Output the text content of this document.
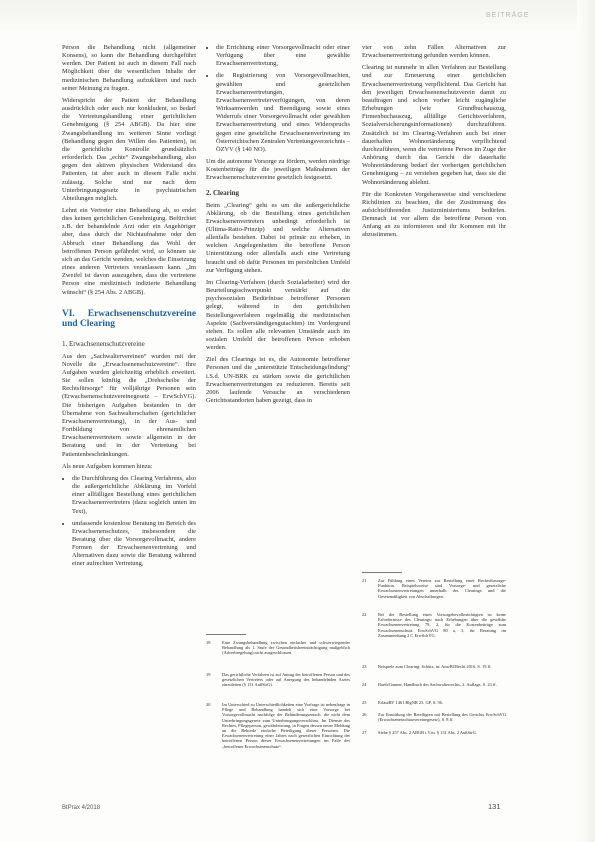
BEITRÄGE

Person die Behandlung nicht (allgemeiner Konsens), so kann die Behandlung durchgeführt werden. Der Patient ist auch in diesem Fall nach Möglichkeit über die wesentlichen Inhalte der medizinischen Behandlung aufzuklären und nach seiner Meinung zu fragen.

Widerspricht der Patient der Behandlung ausdrücklich oder auch nur konkludent, so bedarf die Vertretungshandlung einer gerichtlichen Genehmigung (§ 254 ABGB). Da hier eine Zwangsbehandlung im weiteren Sinne vorliegt (Behandlung gegen den Willen des Patienten), ist die gerichtliche Kontrolle grundsätzlich erforderlich. Das „echte“ Zwangsbehandlung, also gegen den aktiven physischen Widerstand des Patienten, ist aber auch in diesem Falle nicht zulässig. Solche sind nur nach dem Unterbringungsgesetz in psychiatrischen Abteilungen möglich.

Lehnt ein Vertreter eine Behandlung ab, so endet dies keinen gerichtlichen Genehmigung. Befürchtet z.B. der behandelnde Arzt oder ein Angehöriger aber, dass durch die Nichtaufnahme oder den Abbruch einer Behandlung das Wohl der betroffenen Person gefährdet wird, so können sie sich an das Gericht wenden, welches die Einsetzung eines anderen Vertreters veranlassen kann. „Im Zweifel ist davon auszugehen, dass die vertretene Person eine medizinisch indizierte Behandlung wünscht“ (§ 254 Abs. 2 ABGB).

VI. Erwachsenenschutzvereine und Clearing
1. Erwachsenenschutzvereine

Aus den „Sachwaltervereinen“ wurden mit der Novelle die „Erwachsenenschutzvereine“. Ihre Aufgaben wurden gleichzeitig erheblich erweitert. Sie sollen künftig die „Drehscheibe der Rechtsfürsorge“ für volljährige Personen sein (Erwachsenenschutzvereinegesetz – ErwSchVG). Die bisherigen Aufgaben bestanden in der Übernahme von Sachwalterschaften (gerichtlicher Erwachsenenvertretung), in der Aus- und Fortbildung von ehrenamtlichen Erwachsenenvertretern sowie allgemein in der Beratung und in der Vertretung bei Patientenbeschränkungen.

Als neue Aufgaben kommen hinzu:

• die Durchführung des Clearing Verfahrens, also die außergerichtliche Abklärung im Vorfeld einer allfälligen Bestellung eines gerichtlichen Erwachsenenvertreters (dazu sogleich unten im Text),
• umfassende kostenlose Beratung im Bereich des Erwachsenenschutzes, insbesondere die Beratung über die Vorsorgevollmacht, andere Formen der Erwachsenenvertretung und Alternativen dazu sowie die Beratung während einer aufrechten Vertretung,
• die Errichtung einer Vorsorgevollmacht oder einer Verfügung über eine gewählte Erwachsenenvertretung,
• die Registrierung von Vorsorgevollmachten, gewählten und gesetzlichen Erwachsenenvertretungen, Erwachsenenvertreterverfügungen, von deren Wirksamwerden und Beendigung sowie eines Widerrufs einer Vorsorgevollmacht oder gewählten Erwachsenenvertretung und eines Widerspruchs gegen eine gesetzliche Erwachsenenvertretung im Österreichischen Zentralen Vertretungsverzeichnis – ÖZVV (§ 140 NO).

Um die autonome Vorsorge zu fördern, werden niedrige Kostenbeiträge für die jeweiligen Maßnahmen der Erwachsenenschutzvereine gesetzlich festgesetzt.

2. Clearing

Beim „Clearing“ geht es um die außergerichtliche Abklärung, ob die Bestellung eines gerichtlichen Erwachsenenvertreters unbedingt erforderlich ist (Ultima-Ratio-Prinzip) und welche Alternativen allenfalls bestehen. Dabei ist primär zu erheben, in welchen Angelegenheiten die betroffene Person Unterstützung oder allenfalls auch eine Vertretung braucht und ob dafür Personen im persönlichen Umfeld zur Verfügung stehen.

Im Clearing-Verfahren (durch Sozialarbeiter) wird der Beurteilungsschwerpunkt verstärkt auf die psychosozialen Bedürfnisse betroffener Personen gelegt, während in den gerichtlichen Bestellungsverfahren regelmäßig die medizinischen Aspekte (Sachverständigengutachten) im Vordergrund stehen. Es sollen alle relevanten Umstände auch im sozialen Umfeld der betroffenen Person erhoben werden.

Ziel des Clearings ist es, die Autonomie betroffener Personen und die „unterstützte Entscheidungsfindung“ i.S.d. UN-BRK zu stärken sowie die gerichtlichen Erwachsenenvertretungen zu reduzieren. Bereits seit 2006 laufende Versuche an verschiedenen Gerichtsstandorten haben gezeigt, dass in

vier von zehn Fällen Alternativen zur Erwachsenenvertretung gefunden werden können.

Clearing ist nunmehr in allen Verfahren zur Bestellung und zur Erneuerung einer gerichtlichen Erwachsenenvertretung verpflichtend. Das Gericht hat den jeweiligen Erwachsenenschutzverein damit zu beauftragen und schon vorher leicht zugängliche Erhebungen (wie Grundbuchauszug, Firmenbuchauszug, allfällige Gerichtsverfahren, Sozialversicherungsinformationen) durchzuführen. Zusätzlich ist im Clearing-Verfahren auch bei einer dauerhaften Wohnortänderung verpflichtend durchzuführen, wenn die vertretene Person im Zuge der Anhörung durch das Gericht die dauerhafte Wohnortänderung bedarf der vorherigen gerichtlichen Genehmigung – zu verstehen gegeben hat, dass sie die Wohnortänderung ablehnt.

Für die Konkreten Vorgehensweise sind verschiedene Richtlinien zu beachten, die der Zustimmung des aufsichtsführenden Justizministeriums bedürfen. Demnach ist vor allem die betroffene Person von Anfang an zu informieren und ihr Kommen mit ihr abzustimmen.

18	Eine Zwangsbehandlung zwischen einfacher und schwerwiegender Behandlung als 1. Stufe der Gesundheitsbeeinträchtigung maßgeblich (Adverbregelung) nicht ausgeschlossen.
19	Das gerichtliche Verfahren ist auf Antrag der betroffenen Person und des gesetzlichen Vertreters oder auf Anregung des behandelnden Arztes einzuleiten (§ 131 AußStrG).
20	Im Unterschied zu Unterschiedlichkeiten eine Vorfrage ist nebenfrage in Pflege und Behandlung handelt sich eine Vorsorge bei Vorsorgevollmacht nachfolge der Behinderungsentsch. die nicht dem Unterbringungsgesetz zum Unterbringungsverschluss. Im Dienste des Rechtes, Pflegeperson, gewährleistung, in Fragen dessen neuer Meldung an die Behörde einfache Beteiligung dieser Personen. Die Erwachsenenvertretung einer Jahres nach gesetzlichen Einrichtung der betroffenen Person dieser Erwachsenenvertretungen im Falle des „betroffener Erwachsenenschutz“.
21	Zur Fühlung eines Vereins zur Bestellung einer Rechtsfürsorge-Funktion. Beispielsweise sind Vorsorge- und gesetzliche Erwachsenenvertretungen innerhalb des Clearings und die Gesetzmäßigkeit von Abschaffungen.
22	Bei der Bestellung eines Vorsorgebevollmächtigten ist keine Erfordernisse des Clearings; nach Erhebungen über die gewählte Erwachsenenvertretung 79, 2, für die Kostenbeiträge zum Erwachsenenschutz ErwSchVG 80 a, 3, für Beratung im Zusammenhang 2 C ErwSchVG.
23	Beispiele zum Clearing: Schütz, in: AnwBl/Recht 2016, S. 19 ff.
24	Barth/Ganner, Handbuch des Sachwalterrechts, 2. Auflage, S. 23 ff.
25	ErläutRV 1461 BlgNR 25. GP, S. 56.
26	Zur Ermittlung der Beteiligten mit Bestellung des Gerichts ErwSchVG (Erwachsenenschutzvereinegesetz), S. 8 ff.
27	Siehe § 257 Abs. 2 ABGB i.V.m. § 131 Abs. 2 AußStrG.
BtPrax 4/2018	131
